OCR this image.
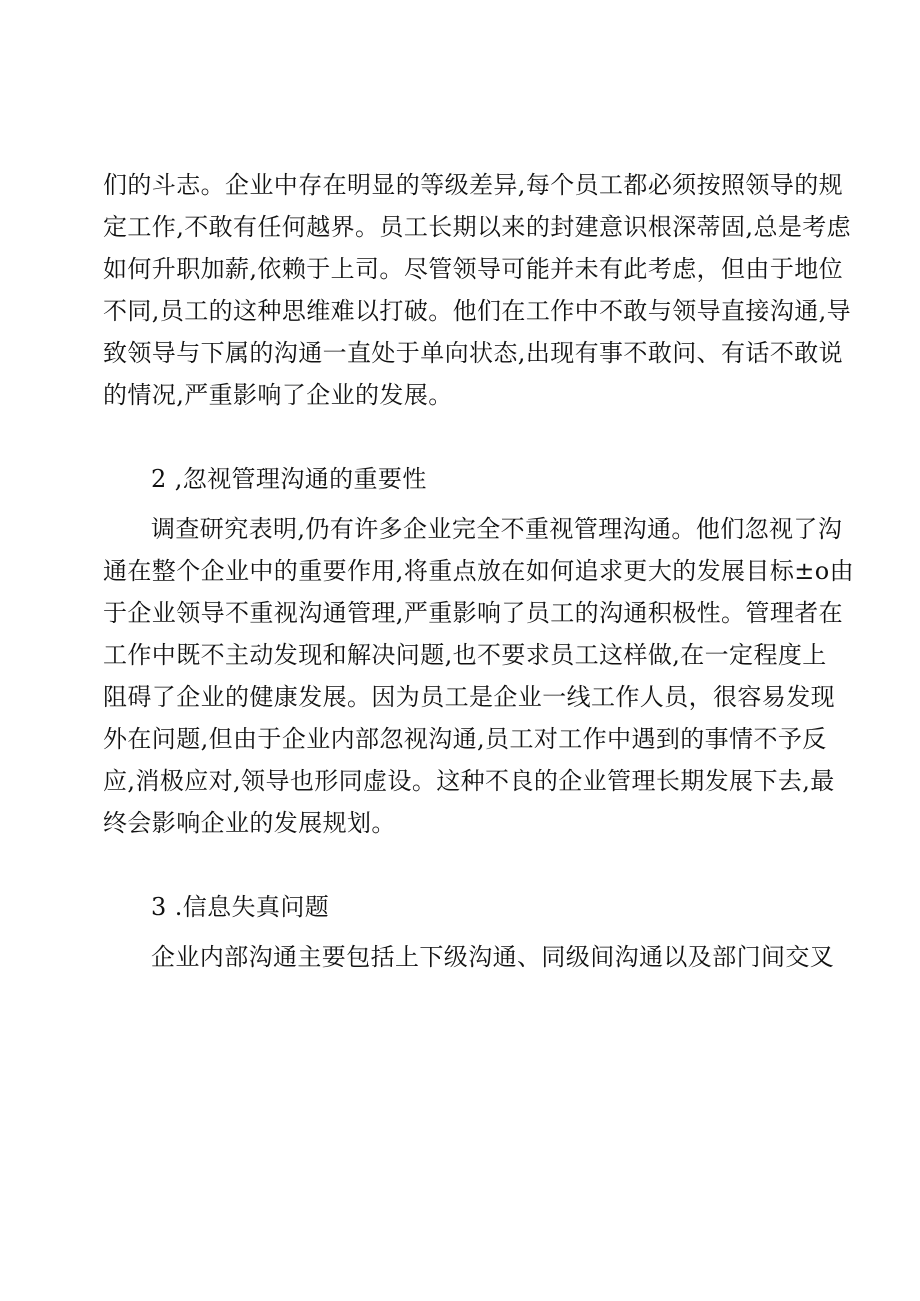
们的斗志。企业中存在明显的等级差异,每个员工都必须按照领导的规
定工作,不敢有任何越界。员工长期以来的封建意识根深蒂固,总是考虑
如何升职加薪,依赖于上司。尽管领导可能并未有此考虑，但由于地位
不同,员工的这种思维难以打破。他们在工作中不敢与领导直接沟通,导
致领导与下属的沟通一直处于单向状态,出现有事不敢问、有话不敢说
的情况,严重影响了企业的发展。
2 ,忽视管理沟通的重要性
调查研究表明,仍有许多企业完全不重视管理沟通。他们忽视了沟
通在整个企业中的重要作用,将重点放在如何追求更大的发展目标±o由
于企业领导不重视沟通管理,严重影响了员工的沟通积极性。管理者在
工作中既不主动发现和解决问题,也不要求员工这样做,在一定程度上
阻碍了企业的健康发展。因为员工是企业一线工作人员，很容易发现
外在问题,但由于企业内部忽视沟通,员工对工作中遇到的事情不予反
应,消极应对,领导也形同虚设。这种不良的企业管理长期发展下去,最
终会影响企业的发展规划。
3 .信息失真问题
企业内部沟通主要包括上下级沟通、同级间沟通以及部门间交叉
